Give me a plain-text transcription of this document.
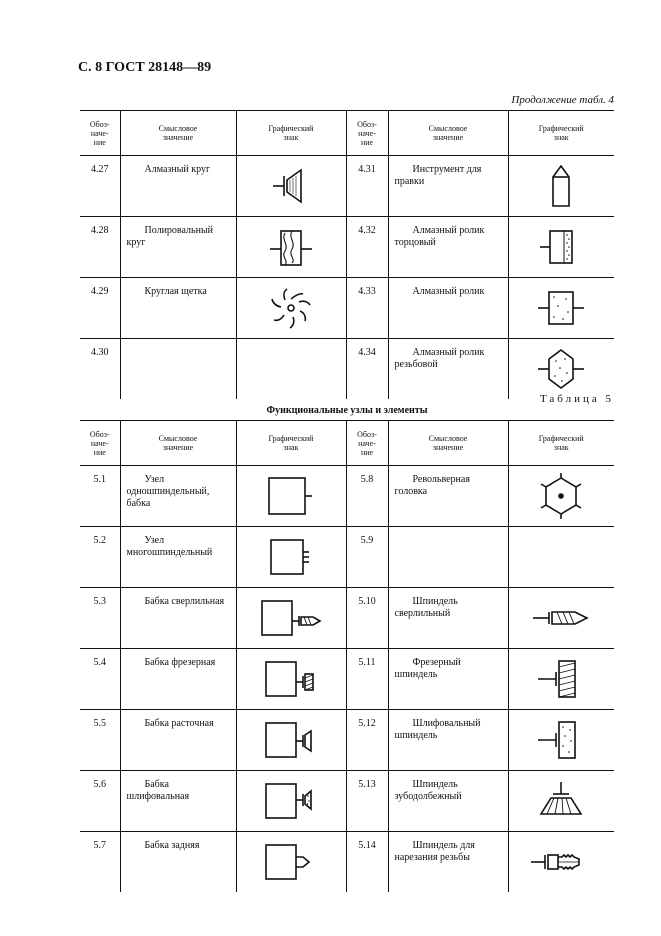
С. 8 ГОСТ 28148—89
Продолжение табл. 4
Обоз-
наче-
ние	Смысловое
значение	Графический
знак	Обоз-
наче-
ние	Смысловое
значение	Графический
знак

4.27	Алмазный круг		4.31	Инструмент для правки	

4.28	Полировальный круг		4.32	Алмазный ролик торцовый	

4.29	Круглая щетка		4.33	Алмазный ролик	

4.30			4.34	Алмазный ролик резьбовой	
Таблица 5
Функциональные узлы и элементы
Обоз-
наче-
ние	Смысловое
значение	Графический
знак	Обоз-
наче-
ние	Смысловое
значение	Графический
знак

5.1	Узел одношпиндельный, бабка		5.8	Револьверная головка	

5.2	Узел многошпиндельный		5.9		
5.3	Бабка сверлильная		5.10	Шпиндель сверлильный	

5.4	Бабка фрезерная		5.11	Фрезерный шпиндель	

5.5	Бабка расточная		5.12	Шлифовальный шпиндель	

5.6	Бабка шлифовальная		5.13	Шпиндель зубодолбежный	

5.7	Бабка задняя		5.14	Шпиндель для нарезания резьбы	
